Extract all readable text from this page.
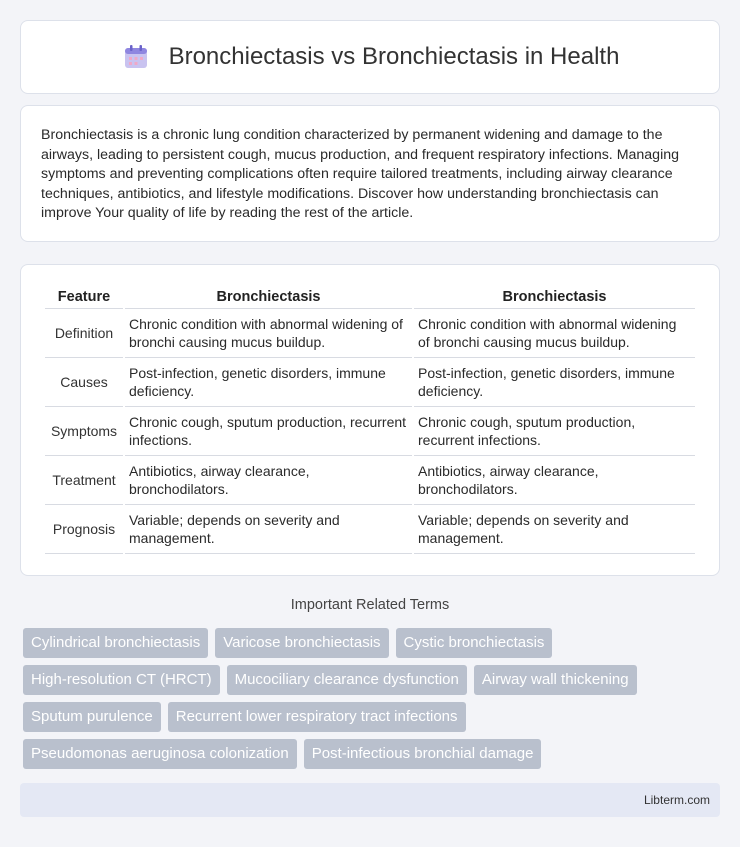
Bronchiectasis vs Bronchiectasis in Health

Bronchiectasis is a chronic lung condition characterized by permanent widening and damage to the airways, leading to persistent cough, mucus production, and frequent respiratory infections. Managing symptoms and preventing complications often require tailored treatments, including airway clearance techniques, antibiotics, and lifestyle modifications. Discover how understanding bronchiectasis can improve Your quality of life by reading the rest of the article.

Feature	Bronchiectasis	Bronchiectasis
Definition	Chronic condition with abnormal widening of bronchi causing mucus buildup.	Chronic condition with abnormal widening of bronchi causing mucus buildup.
Causes	Post-infection, genetic disorders, immune deficiency.	Post-infection, genetic disorders, immune deficiency.
Symptoms	Chronic cough, sputum production, recurrent infections.	Chronic cough, sputum production, recurrent infections.
Treatment	Antibiotics, airway clearance, bronchodilators.	Antibiotics, airway clearance, bronchodilators.
Prognosis	Variable; depends on severity and management.	Variable; depends on severity and management.
Important Related Terms
Cylindrical bronchiectasis	Varicose bronchiectasis	Cystic bronchiectasis
High-resolution CT (HRCT)	Mucociliary clearance dysfunction	Airway wall thickening
Sputum purulence	Recurrent lower respiratory tract infections
Pseudomonas aeruginosa colonization	Post-infectious bronchial damage
Libterm.com
